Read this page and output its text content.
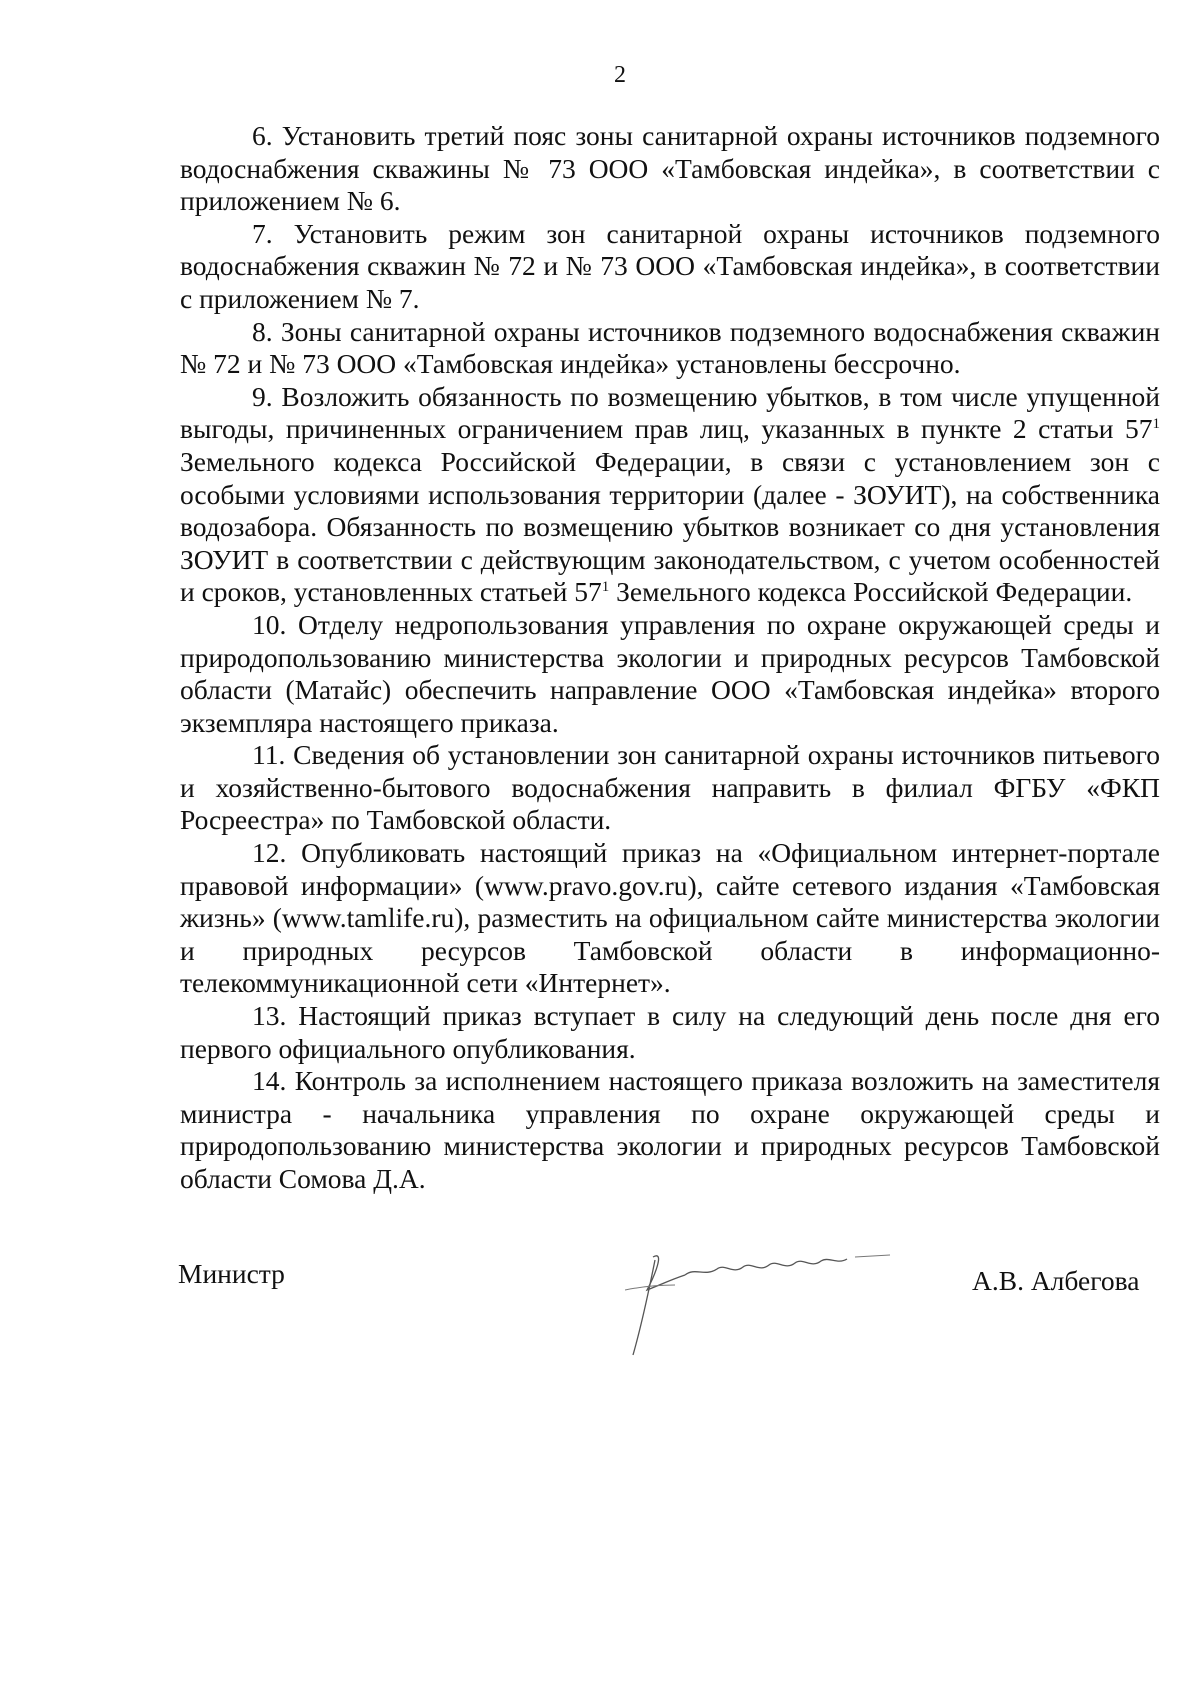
2

6. Установить третий пояс зоны санитарной охраны источников подземного водоснабжения скважины № 73 ООО «Тамбовская индейка», в соответствии с приложением № 6.

7. Установить режим зон санитарной охраны источников подземного водоснабжения скважин № 72 и № 73 ООО «Тамбовская индейка», в соответствии с приложением № 7.

8. Зоны санитарной охраны источников подземного водоснабжения скважин № 72 и № 73 ООО «Тамбовская индейка» установлены бессрочно.

9. Возложить обязанность по возмещению убытков, в том числе упущенной выгоды, причиненных ограничением прав лиц, указанных в пункте 2 статьи $57^1$ Земельного кодекса Российской Федерации, в связи с установлением зон с особыми условиями использования территории (далее - ЗОУИТ), на собственника водозабора. Обязанность по возмещению убытков возникает со дня установления ЗОУИТ в соответствии с действующим законодательством, с учетом особенностей и сроков, установленных статьей $57^1$ Земельного кодекса Российской Федерации.

10. Отделу недропользования управления по охране окружающей среды и природопользованию министерства экологии и природных ресурсов Тамбовской области (Матайс) обеспечить направление ООО «Тамбовская индейка» второго экземпляра настоящего приказа.

11. Сведения об установлении зон санитарной охраны источников питьевого и хозяйственно-бытового водоснабжения направить в филиал ФГБУ «ФКП Росреестра» по Тамбовской области.

12. Опубликовать настоящий приказ на «Официальном интернет-портале правовой информации» (www.pravo.gov.ru), сайте сетевого издания «Тамбовская жизнь» (www.tamlife.ru), разместить на официальном сайте министерства экологии и природных ресурсов Тамбовской области в информационно-телекоммуникационной сети «Интернет».

13. Настоящий приказ вступает в силу на следующий день после дня его первого официального опубликования.

14. Контроль за исполнением настоящего приказа возложить на заместителя министра - начальника управления по охране окружающей среды и природопользованию министерства экологии и природных ресурсов Тамбовской области Сомова Д.А.

Министр	А.В. Албегова
